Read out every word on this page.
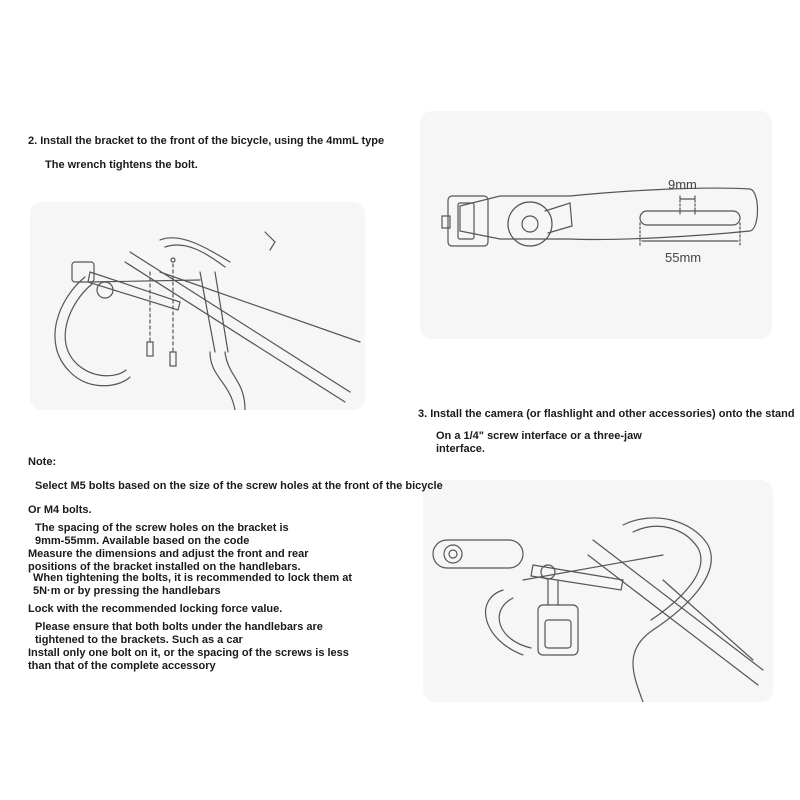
2. Install the bracket to the front of the bicycle, using the 4mmL type
The wrench tightens the bolt.
9mm
55mm
3. Install the camera (or flashlight and other accessories) onto the stand
On a 1/4" screw interface or a three-jaw
interface.
Note:
Select M5 bolts based on the size of the screw holes at the front of the bicycle
Or M4 bolts.
The spacing of the screw holes on the bracket is
9mm-55mm. Available based on the code
Measure the dimensions and adjust the front and rear
positions of the bracket installed on the handlebars.
When tightening the bolts, it is recommended to lock them at
5N·m or by pressing the handlebars
Lock with the recommended locking force value.
Please ensure that both bolts under the handlebars are
tightened to the brackets. Such as a car
Install only one bolt on it, or the spacing of the screws is less
than that of the complete accessory
